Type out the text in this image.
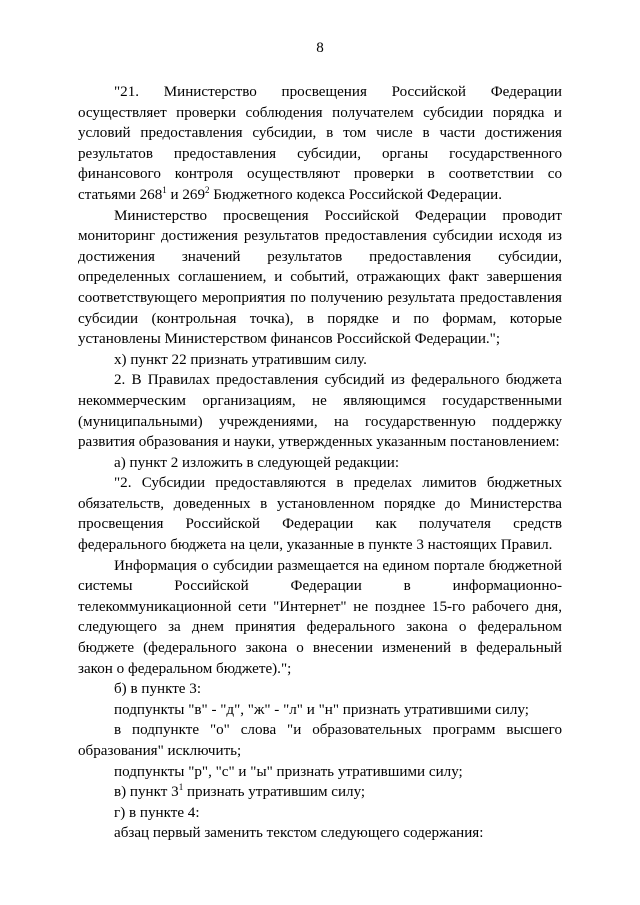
8

"21. Министерство просвещения Российской Федерации осуществляет проверки соблюдения получателем субсидии порядка и условий предоставления субсидии, в том числе в части достижения результатов предоставления субсидии, органы государственного финансового контроля осуществляют проверки в соответствии со статьями $268^1$ и $269^2$ Бюджетного кодекса Российской Федерации.

Министерство просвещения Российской Федерации проводит мониторинг достижения результатов предоставления субсидии исходя из достижения значений результатов предоставления субсидии, определенных соглашением, и событий, отражающих факт завершения соответствующего мероприятия по получению результата предоставления субсидии (контрольная точка), в порядке и по формам, которые установлены Министерством финансов Российской Федерации.";

х) пункт 22 признать утратившим силу.

2. В Правилах предоставления субсидий из федерального бюджета некоммерческим организациям, не являющимся государственными (муниципальными) учреждениями, на государственную поддержку развития образования и науки, утвержденных указанным постановлением:

а) пункт 2 изложить в следующей редакции:

"2. Субсидии предоставляются в пределах лимитов бюджетных обязательств, доведенных в установленном порядке до Министерства просвещения Российской Федерации как получателя средств федерального бюджета на цели, указанные в пункте 3 настоящих Правил.

Информация о субсидии размещается на едином портале бюджетной системы Российской Федерации в информационно-телекоммуникационной сети "Интернет" не позднее 15-го рабочего дня, следующего за днем принятия федерального закона о федеральном бюджете (федерального закона о внесении изменений в федеральный закон о федеральном бюджете).";

б) в пункте 3:

подпункты "в" - "д", "ж" - "л" и "н" признать утратившими силу;

в подпункте "о" слова "и образовательных программ высшего образования" исключить;

подпункты "р", "с" и "ы" признать утратившими силу;

в) пункт $3^1$ признать утратившим силу;

г) в пункте 4:

абзац первый заменить текстом следующего содержания:
